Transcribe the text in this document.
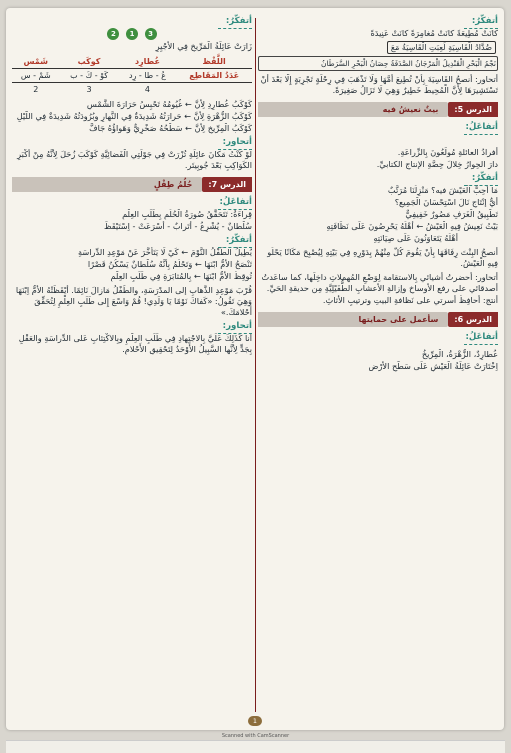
أتفكّرُ:
كانَتْ مُطِيعَةً كانَتْ مُغامِرَةً كانَتْ عَنِيدَةً
ضُدَّادُ الْقَاسِيَةِ لَعِبَتِ الْقَاسِيَةُ مَعَ
نَجْمُ الْبَحْرِ الْقَنْدِيلُ الْمَرْجَانُ الصَّدَفَةُ حِصَانُ الْبَحْرِ السَّرَطَانُ
أتحاور: أنصحُ القَاسِيَةَ بِأنْ تُطِيعَ أُمَّهَا وَلَا تَذْهَبَ فِي رِحْلَةٍ تَجْرِبَةٍ إِلَّا بَعْدَ أَنْ تَسْتَشِيرَهَا لِأَنَّ الْمُحِيطَ خَطِيرٌ وَهِيَ لَا تَزَالُ صَغِيرَةً.
الدرس 5:
بيتٌ نعيشُ فيه
أتفاعَلُ:
أفرادُ العائلةِ مُولَعُونَ بِالزِّراعَةِ.
دارَ الحِوارُ خِلالَ حِصَّةِ الإنتاجِ الكتابيِّ.
أتفكّرُ:
مَا أُحِبُّ الْعَيْشَ فيه؟ مَنْزِلُنَا مُرَتَّبٌ
أيُّ إنْتَاجٍ نَالَ اسْتِحْسَانَ الْجَمِيعِ؟
تَطْبِيقُ الْغَرَفِ مَصُورٌ خَفِيفِيٌّ
بَيْتُ نَعِيشُ فِيهِ الْعَيْشُ ← أَهْلُهُ يَحْرِصُونَ عَلَى نَظَافَتِهِ
أَهْلُهُ يَتَعَاوَنُونَ عَلَى صِيَانَتِهِ
أنصحُ البِنْتَ رِفَاقَهَا بِأَنْ يَقُومَ كُلٌّ مِنْهُمْ بِدَوْرِهِ فِي بَيْتِهِ لِيُصْبِحَ مَكَانًا يَحْلُو فِيهِ الْعَيْشُ.
أتحاور: أحضرتُ أشيائي بِالاستقامة لِوَضْعِ المُهملاتِ داخِلَها، كما ساعَدتُ أصدقائي على رفعِ الأوساخِ وإزالةِ الأعشابِ الطُّفَيْلِيَّةِ مِن حديقةِ الحَيِّ.
أنتج: أُحافِظُ أُسرتي على نَظافةِ البيتِ وترتيبِ الأثاثِ.
الدرس 6:
سأعمل على حمايتها
أتفاعَلُ:
عُطارِدٌ، الزُّهْرَةُ، الْمِرِّيخُ
اِخْتَارَتْ عَائِلَةُ الْعَيْشِ عَلَى سَطْحِ الأرْضِ
أتفكّرُ:
3 1 2
زَارَتْ عَائِلَةُ الْمَرِّيخِ فِي الأَجْيِرِ
اللَّفْظ	عُطارِد	كوكَب	شَمْس
عَدَدُ المَقَاطِع	عُ - طا - رِد	كَوْ - كَ - ب	شَمْ - س
	4	3	2
كَوْكَبُ عُطارِدِ لِأنَّ ← غُيُومُهُ تَحْبِسُ حَرَارَةَ الشَّمْسِ
كَوْكَبُ الزُّهْرَةِ لِأنَّ ← حَرارَتُهُ شَدِيدَةٌ فِي النَّهارِ وبُرُودَتُهُ شَدِيدَةٌ فِي اللَّيْلِ
كَوْكَبُ الْمِرِّيخِ لِأنَّ ← سَطْحُهُ صَخْرِيٌّ وَهَواؤُهُ جَافٌّ
أتحاور:
لَوْ كُنْتُ مَكانَ عائِلَةِ تُزْرَتْ فِي جَوْلَتِي الْفَضائِيَّةِ كَوْكَبَ زُحَلَ لِأنَّهُ مِنْ أَكْبَرِ الكَوَاكِبِ بَعْدَ جُوبِيتَر.
الدرس 7:
حُلُمُ طِفْلٍ
أتفاعَلُ:
قِراءَةُ: تَتَحَقَّقُ صُورَةُ الْحُلُمِ بِطَلَبِ العِلْمِ
سُلْطانٌ - يُشْرِعُ - أَتَرابٌ - أَسْرَعَتْ - اِسْتَيْقَظَ
أتفكّرُ:
يُطِيلُ الطِّفْلُ النَّوْمَ ← كَيْ لَا يَتَأَخَّرَ عَنْ مَوْعِدِ الدِّراسَةِ
تَنْصَحُ الأُمُّ ابْنَهَا ← وَتَحْلُمُ بِأَنَّهُ سُلْطانٌ يَسْكُنُ قَصْرًا
تُوقِظُ الأُمُّ ابْنَهَا ← بِالمُثابَرَةِ فِي طَلَبِ العِلْمِ
قُرْبَ مَوْعِدِ الذَّهابِ إلى المدْرَسَةِ، والطِّفْلُ مَازالَ نَائِمًا. أَيْقَظَتْهُ الأُمُّ اِبْنَهَا وَهِيَ تَقُولُ: «كَفاكَ نَوْمًا يَا وَلَدِي! قُمْ وَاسْعَ إِلى طَلَبِ العِلْمِ لِتُحَقِّقَ أَحْلامَكَ.»
أتحاور:
أنا كَذَلِكَ عَلَيَّ بِالاجْتِهادِ فِي طَلَبِ العِلْمِ وبِالاكْتِئابِ عَلى الدِّراسَةِ والعَقْلِ بِجَدٍّ لِأنَّها السَّبِيلُ الأَوْحَدُ لِتَحْقِيقِ الأَحْلامِ.
1
Scanned with CamScanner
